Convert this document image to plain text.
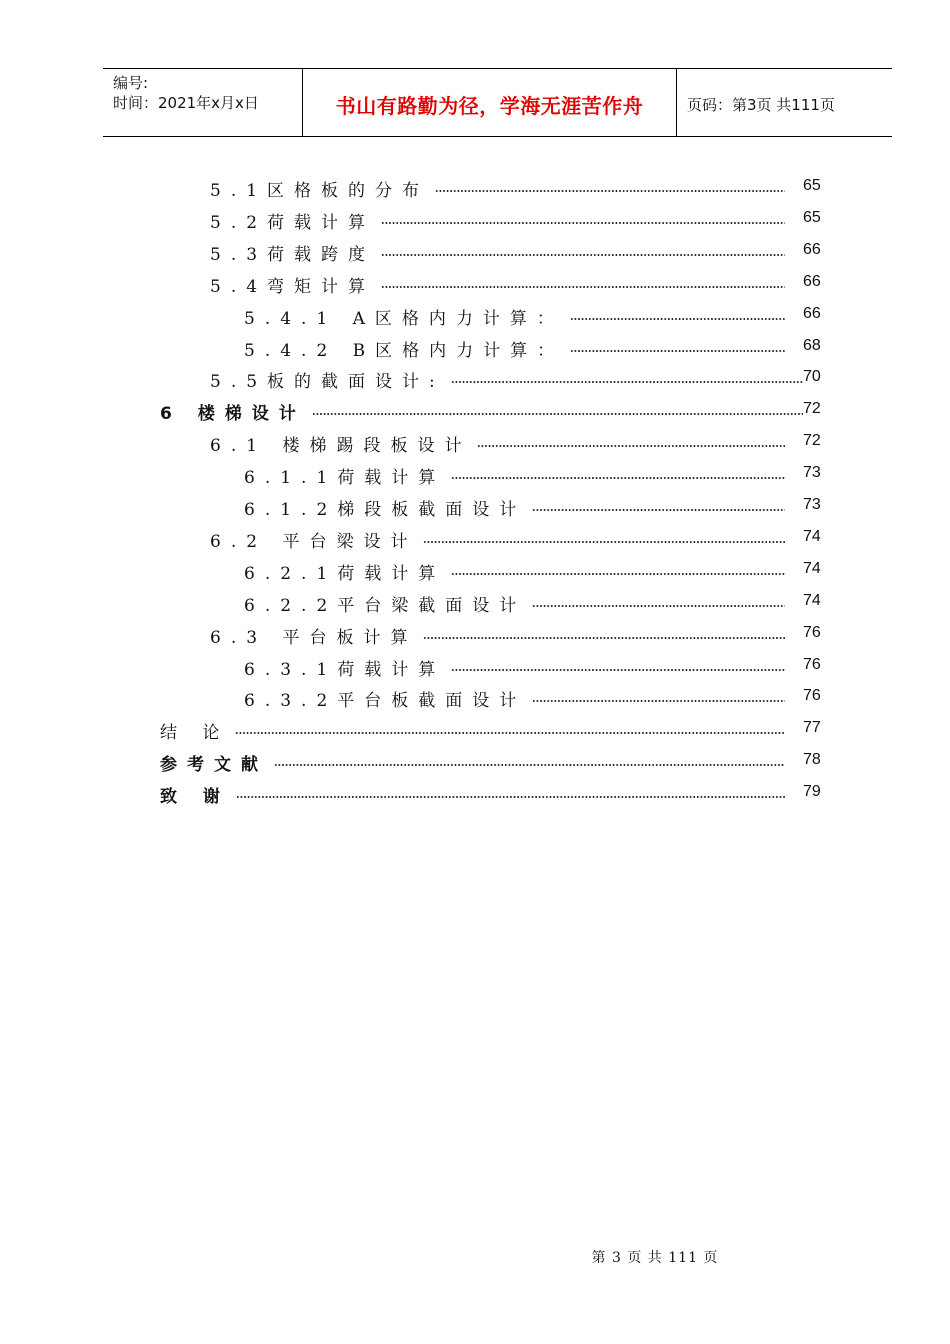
编号:
时间：2021年x月x日	书山有路勤为径，学海无涯苦作舟	页码：第3页 共111页
5.1区格板的分布	65
5.2荷载计算	65
5.3荷载跨度	66
5.4弯矩计算	66
5.4.1 A区格内力计算：	66
5.4.2 B区格内力计算：	68
5.5板的截面设计:	70
6 楼梯设计	72
6.1 楼梯踢段板设计	72
6.1.1荷载计算	73
6.1.2梯段板截面设计	73
6.2 平台梁设计	74
6.2.1荷载计算	74
6.2.2平台梁截面设计	74
6.3 平台板计算	76
6.3.1荷载计算	76
6.3.2平台板截面设计	76
结 论	77
参考文献	78
致 谢	79
第 3 页 共 111 页
